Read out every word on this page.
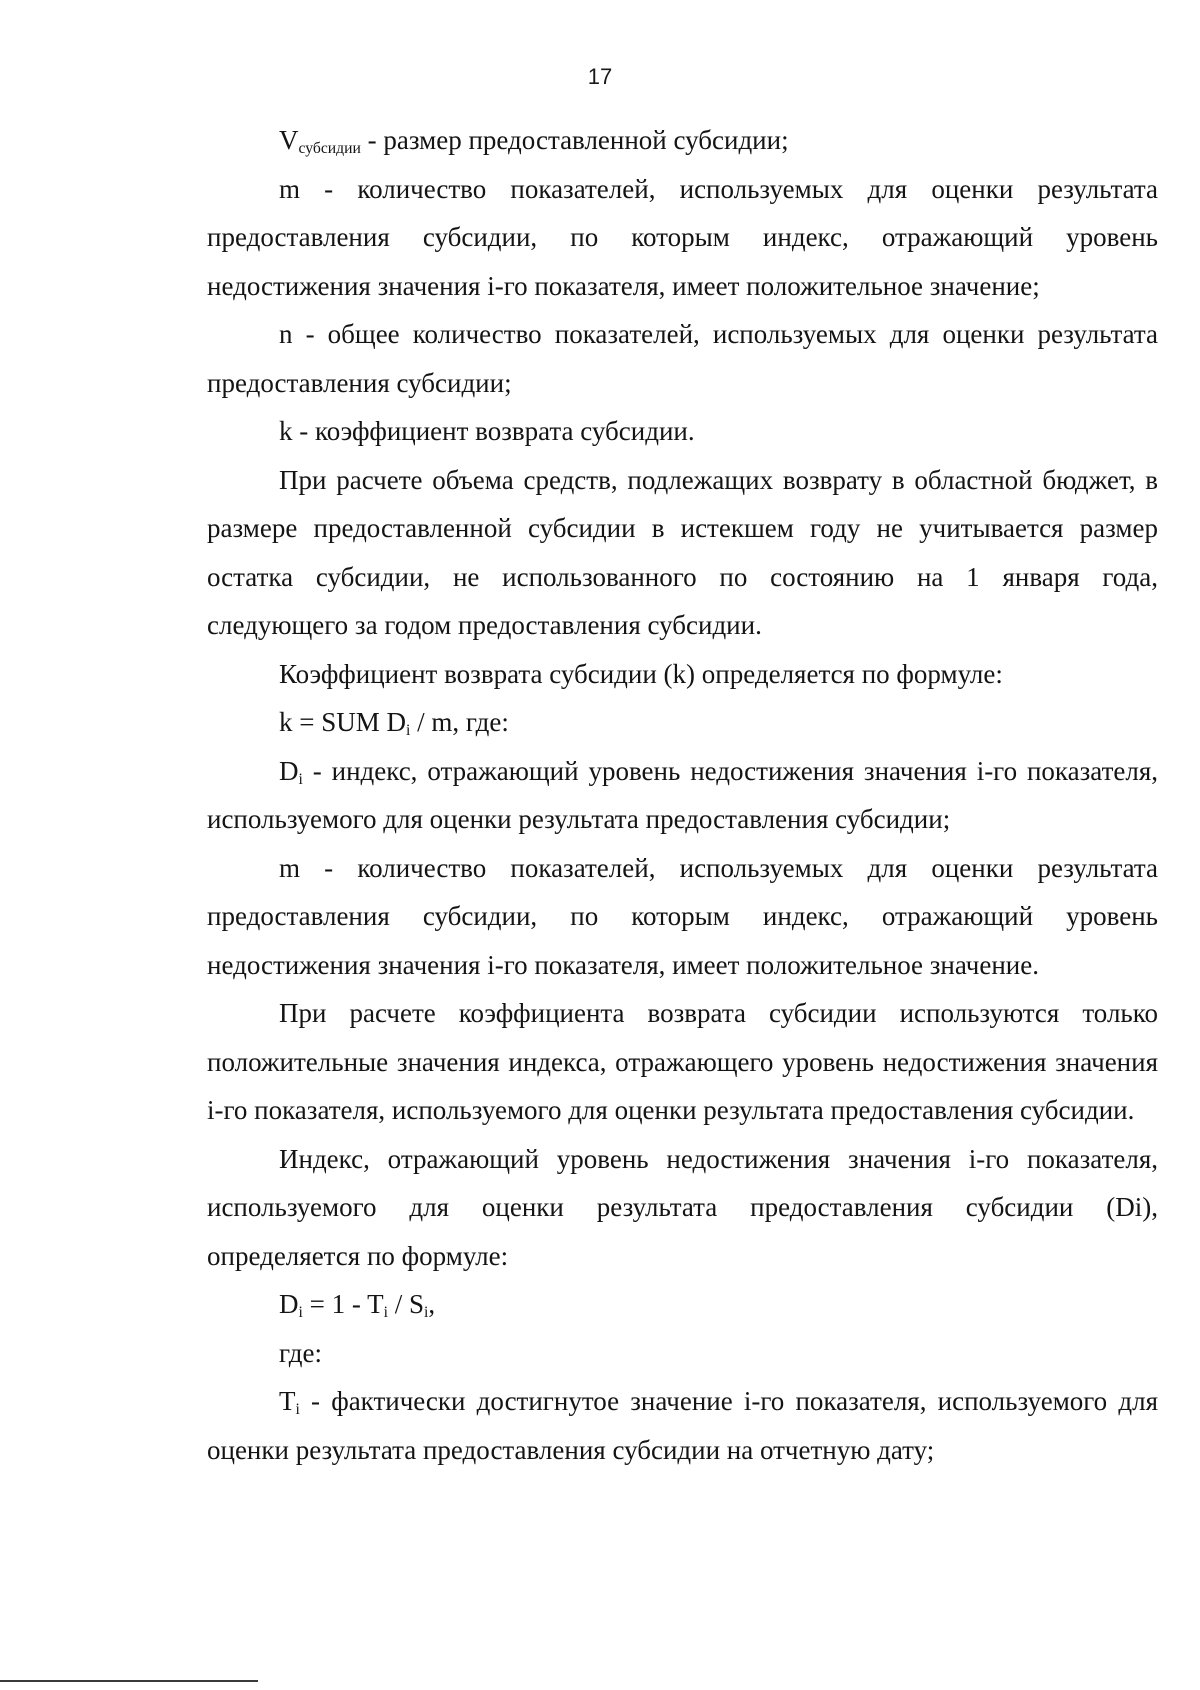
17

$V_{субсидии}$ - размер предоставленной субсидии;

m - количество показателей, используемых для оценки результата предоставления субсидии, по которым индекс, отражающий уровень недостижения значения i-го показателя, имеет положительное значение;

n - общее количество показателей, используемых для оценки результата предоставления субсидии;

k - коэффициент возврата субсидии.

При расчете объема средств, подлежащих возврату в областной бюджет, в размере предоставленной субсидии в истекшем году не учитывается размер остатка субсидии, не использованного по состоянию на 1 января года, следующего за годом предоставления субсидии.

Коэффициент возврата субсидии (k) определяется по формуле:

k = SUM $D_i$ / m, где:

$D_i$ - индекс, отражающий уровень недостижения значения i-го показателя, используемого для оценки результата предоставления субсидии;

m - количество показателей, используемых для оценки результата предоставления субсидии, по которым индекс, отражающий уровень недостижения значения i-го показателя, имеет положительное значение.

При расчете коэффициента возврата субсидии используются только положительные значения индекса, отражающего уровень недостижения значения i-го показателя, используемого для оценки результата предоставления субсидии.

Индекс, отражающий уровень недостижения значения i-го показателя, используемого для оценки результата предоставления субсидии (Di), определяется по формуле:

$D_i = 1 - T_i / S_i$,

где:

$T_i$ - фактически достигнутое значение i-го показателя, используемого для оценки результата предоставления субсидии на отчетную дату;
